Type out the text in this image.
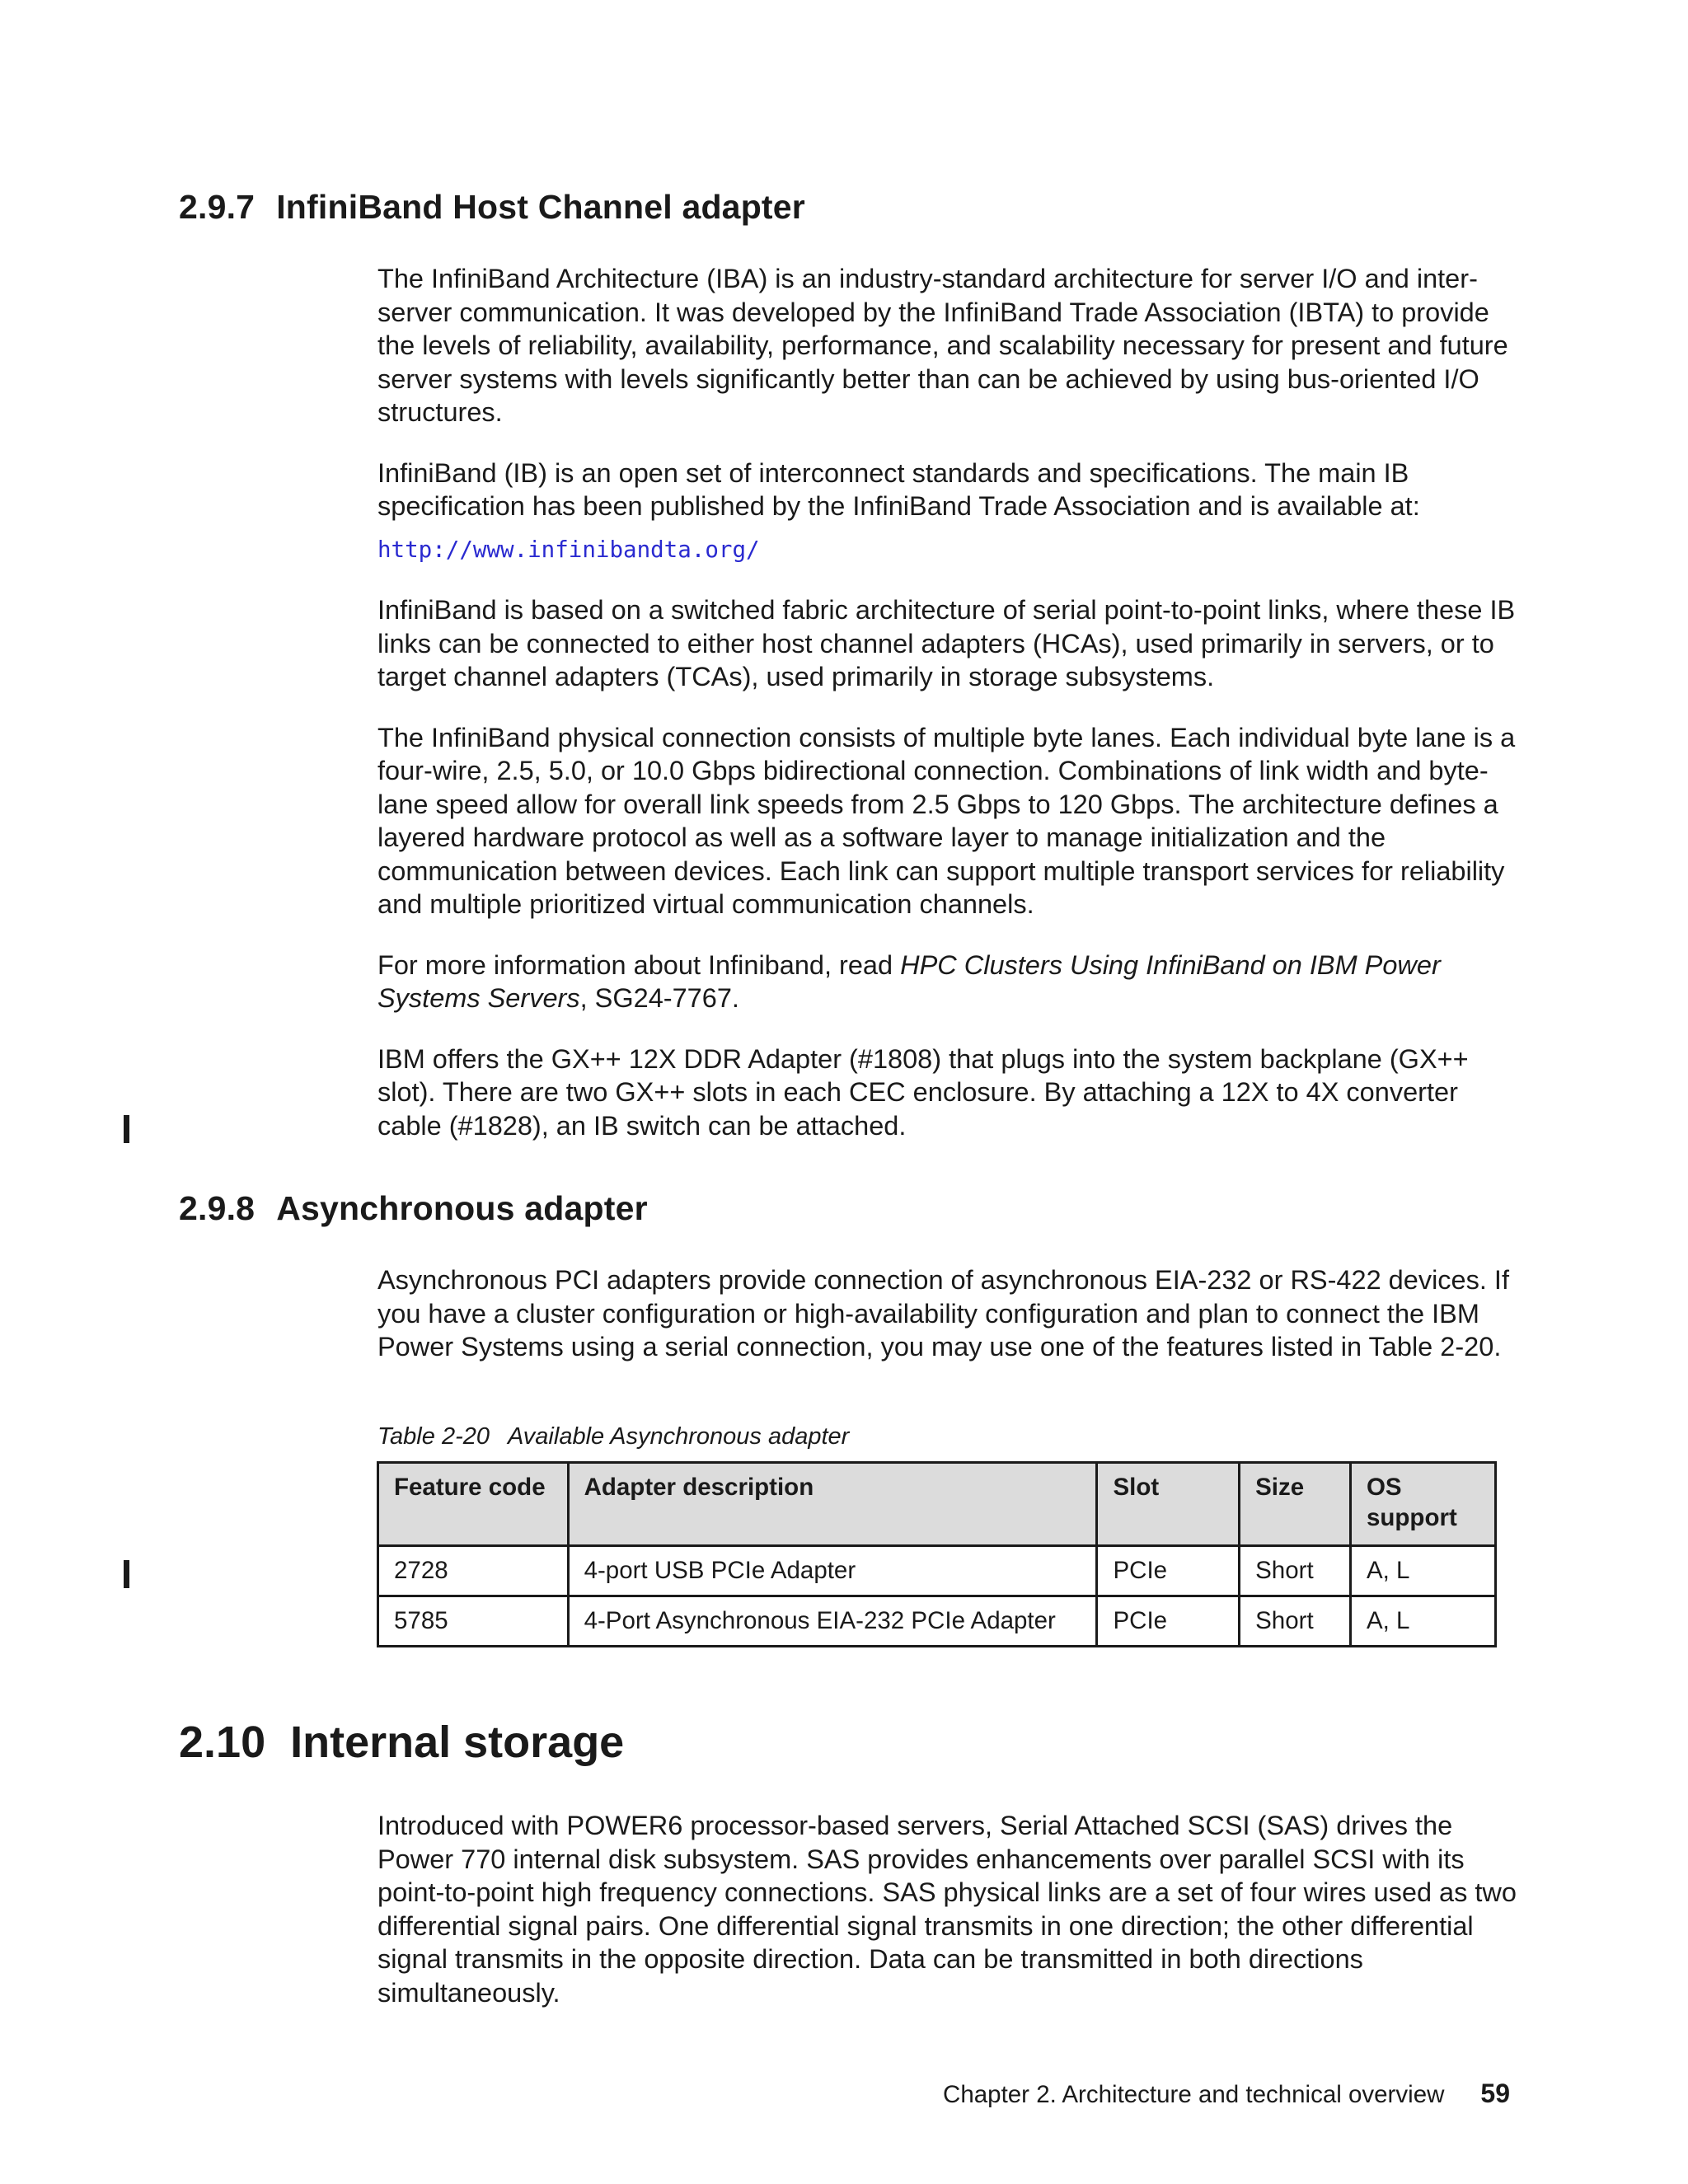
2.9.7 InfiniBand Host Channel adapter

The InfiniBand Architecture (IBA) is an industry-standard architecture for server I/O and inter-server communication. It was developed by the InfiniBand Trade Association (IBTA) to provide the levels of reliability, availability, performance, and scalability necessary for present and future server systems with levels significantly better than can be achieved by using bus-oriented I/O structures.

InfiniBand (IB) is an open set of interconnect standards and specifications. The main IB specification has been published by the InfiniBand Trade Association and is available at:

http://www.infinibandta.org/

InfiniBand is based on a switched fabric architecture of serial point-to-point links, where these IB links can be connected to either host channel adapters (HCAs), used primarily in servers, or to target channel adapters (TCAs), used primarily in storage subsystems.

The InfiniBand physical connection consists of multiple byte lanes. Each individual byte lane is a four-wire, 2.5, 5.0, or 10.0 Gbps bidirectional connection. Combinations of link width and byte-lane speed allow for overall link speeds from 2.5 Gbps to 120 Gbps. The architecture defines a layered hardware protocol as well as a software layer to manage initialization and the communication between devices. Each link can support multiple transport services for reliability and multiple prioritized virtual communication channels.

For more information about Infiniband, read HPC Clusters Using InfiniBand on IBM Power Systems Servers, SG24-7767.

IBM offers the GX++ 12X DDR Adapter (#1808) that plugs into the system backplane (GX++ slot). There are two GX++ slots in each CEC enclosure. By attaching a 12X to 4X converter cable (#1828), an IB switch can be attached.

2.9.8 Asynchronous adapter

Asynchronous PCI adapters provide connection of asynchronous EIA-232 or RS-422 devices. If you have a cluster configuration or high-availability configuration and plan to connect the IBM Power Systems using a serial connection, you may use one of the features listed in Table 2-20.

Table 2-20 Available Asynchronous adapter
Feature code	Adapter description	Slot	Size	OS support
2728	4-port USB PCIe Adapter	PCIe	Short	A, L
5785	4-Port Asynchronous EIA-232 PCIe Adapter	PCIe	Short	A, L
2.10 Internal storage

Introduced with POWER6 processor-based servers, Serial Attached SCSI (SAS) drives the Power 770 internal disk subsystem. SAS provides enhancements over parallel SCSI with its point-to-point high frequency connections. SAS physical links are a set of four wires used as two differential signal pairs. One differential signal transmits in one direction; the other differential signal transmits in the opposite direction. Data can be transmitted in both directions simultaneously.

Chapter 2. Architecture and technical overview 59
